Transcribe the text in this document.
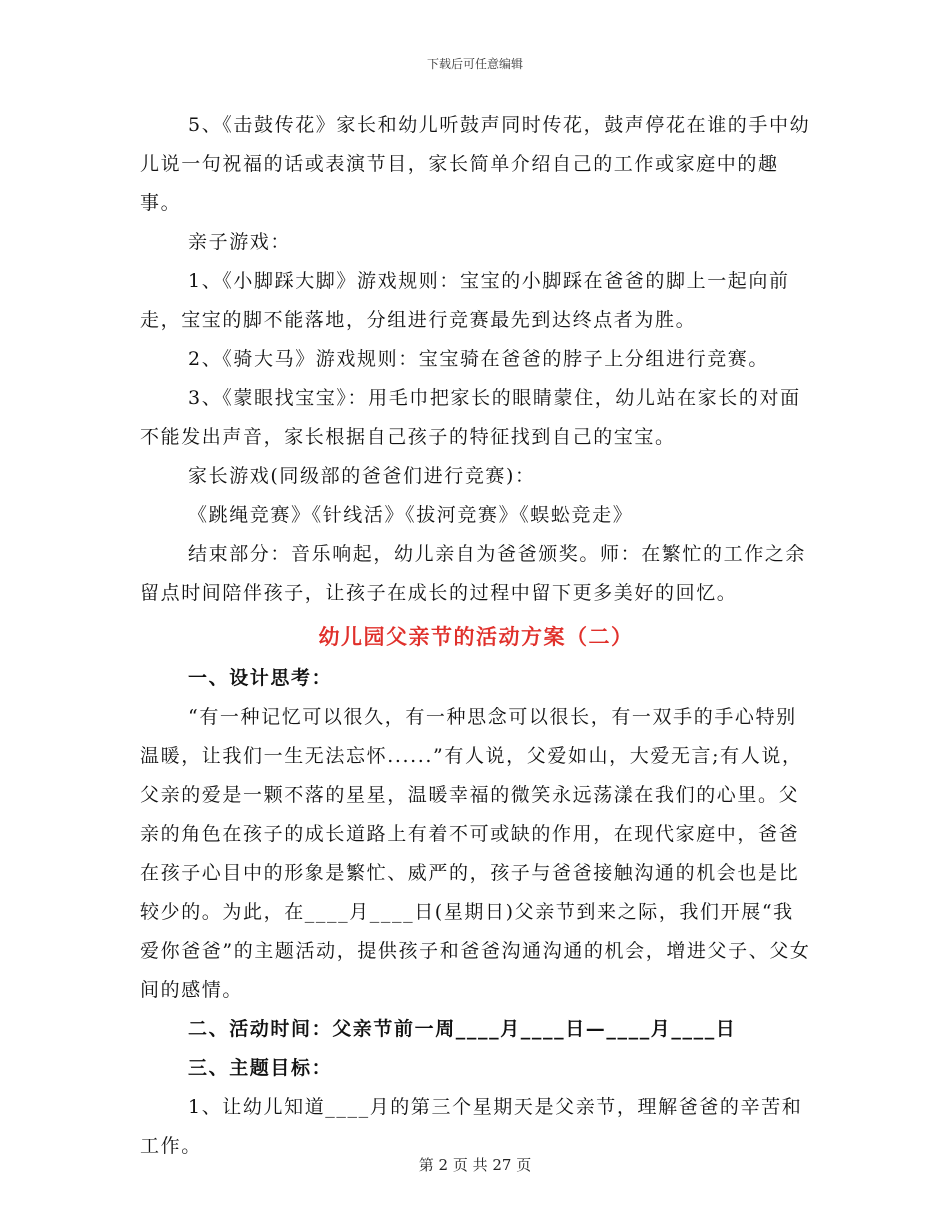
下载后可任意编辑

5、《击鼓传花》家长和幼儿听鼓声同时传花，鼓声停花在谁的手中幼儿说一句祝福的话或表演节目，家长简单介绍自己的工作或家庭中的趣事。

亲子游戏：

1、《小脚踩大脚》游戏规则：宝宝的小脚踩在爸爸的脚上一起向前走，宝宝的脚不能落地，分组进行竞赛最先到达终点者为胜。

2、《骑大马》游戏规则：宝宝骑在爸爸的脖子上分组进行竞赛。

3、《蒙眼找宝宝》：用毛巾把家长的眼睛蒙住，幼儿站在家长的对面不能发出声音，家长根据自己孩子的特征找到自己的宝宝。

家长游戏(同级部的爸爸们进行竞赛)：

《跳绳竞赛》《针线活》《拔河竞赛》《蜈蚣竞走》

结束部分：音乐响起，幼儿亲自为爸爸颁奖。师：在繁忙的工作之余留点时间陪伴孩子，让孩子在成长的过程中留下更多美好的回忆。

幼儿园父亲节的活动方案（二）

一、设计思考：

“有一种记忆可以很久，有一种思念可以很长，有一双手的手心特别温暖，让我们一生无法忘怀......”有人说，父爱如山，大爱无言;有人说，父亲的爱是一颗不落的星星，温暖幸福的微笑永远荡漾在我们的心里。父亲的角色在孩子的成长道路上有着不可或缺的作用，在现代家庭中，爸爸在孩子心目中的形象是繁忙、威严的，孩子与爸爸接触沟通的机会也是比较少的。为此，在____月____日(星期日)父亲节到来之际，我们开展“我爱你爸爸”的主题活动，提供孩子和爸爸沟通沟通的机会，增进父子、父女间的感情。

二、活动时间：父亲节前一周____月____日—____月____日

三、主题目标：

1、让幼儿知道____月的第三个星期天是父亲节，理解爸爸的辛苦和工作。

第 2 页 共 27 页
